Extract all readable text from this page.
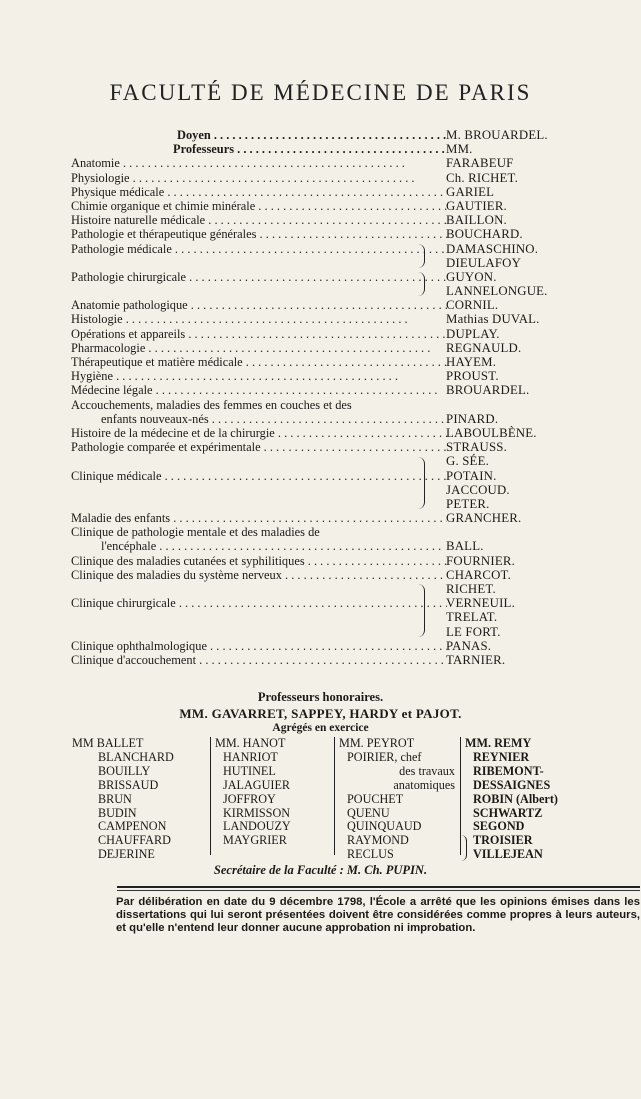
FACULTÉ DE MÉDECINE DE PARIS
Doyen . . .	M. BROUARDEL.
Professeurs . . .	MM.
Anatomie . . .	FARABEUF
Physiologie . . .	Ch. RICHET.
Physique médicale . . .	GARIEL
Chimie organique et chimie minérale . . .	GAUTIER.
Histoire naturelle médicale . . .	BAILLON.
Pathologie et thérapeutique générales . . .	BOUCHARD.
Pathologie médicale . . .	DAMASCHINO.
DIEULAFOY
Pathologie chirurgicale . . .	GUYON.
LANNELONGUE.
Anatomie pathologique . . .	CORNIL.
Histologie . . .	Mathias DUVAL.
Opérations et appareils . . .	DUPLAY.
Pharmacologie . . .	REGNAULD.
Thérapeutique et matière médicale . . .	HAYEM.
Hygiène . . .	PROUST.
Médecine légale . . .	BROUARDEL.
Accouchements, maladies des femmes en couches et des
enfants nouveaux-nés . . .	PINARD.
Histoire de la médecine et de la chirurgie . . .	LABOULBÈNE.
Pathologie comparée et expérimentale . . .	STRAUSS.
G. SÉE.
Clinique médicale . . .	POTAIN.
JACCOUD.
PETER.
Maladie des enfants . . .	GRANCHER.
Clinique de pathologie mentale et des maladies de
l'encéphale . . .	BALL.
Clinique des maladies cutanées et syphilitiques . . .	FOURNIER.
Clinique des maladies du système nerveux . . .	CHARCOT.
RICHET.
Clinique chirurgicale . . .	VERNEUIL.
TRELAT.
LE FORT.
Clinique ophthalmologique . . .	PANAS.
Clinique d'accouchement . . .	TARNIER.
Professeurs honoraires.
MM. GAVARRET, SAPPEY, HARDY et PAJOT.
Agrégés en exercice
MM BALLET
BLANCHARD
BOUILLY
BRISSAUD
BRUN
BUDIN
CAMPENON
CHAUFFARD
DEJERINE
MM. HANOT
HANRIOT
HUTINEL
JALAGUIER
JOFFROY
KIRMISSON
LANDOUZY
MAYGRIER
MM. PEYROT
POIRIER, chef
des travaux
anatomiques
POUCHET
QUENU
QUINQUAUD
RAYMOND
RECLUS
MM. REMY
REYNIER
RIBEMONT-
DESSAIGNES
ROBIN (Albert)
SCHWARTZ
SEGOND
TROISIER
VILLEJEAN
Secrétaire de la Faculté : M. Ch. PUPIN.
Par délibération en date du 9 décembre 1798, l'École a arrêté que les opinions émises dans les dissertations qui lui seront présentées doivent être considérées comme propres à leurs auteurs, et qu'elle n'entend leur donner aucune approbation ni improbation.
